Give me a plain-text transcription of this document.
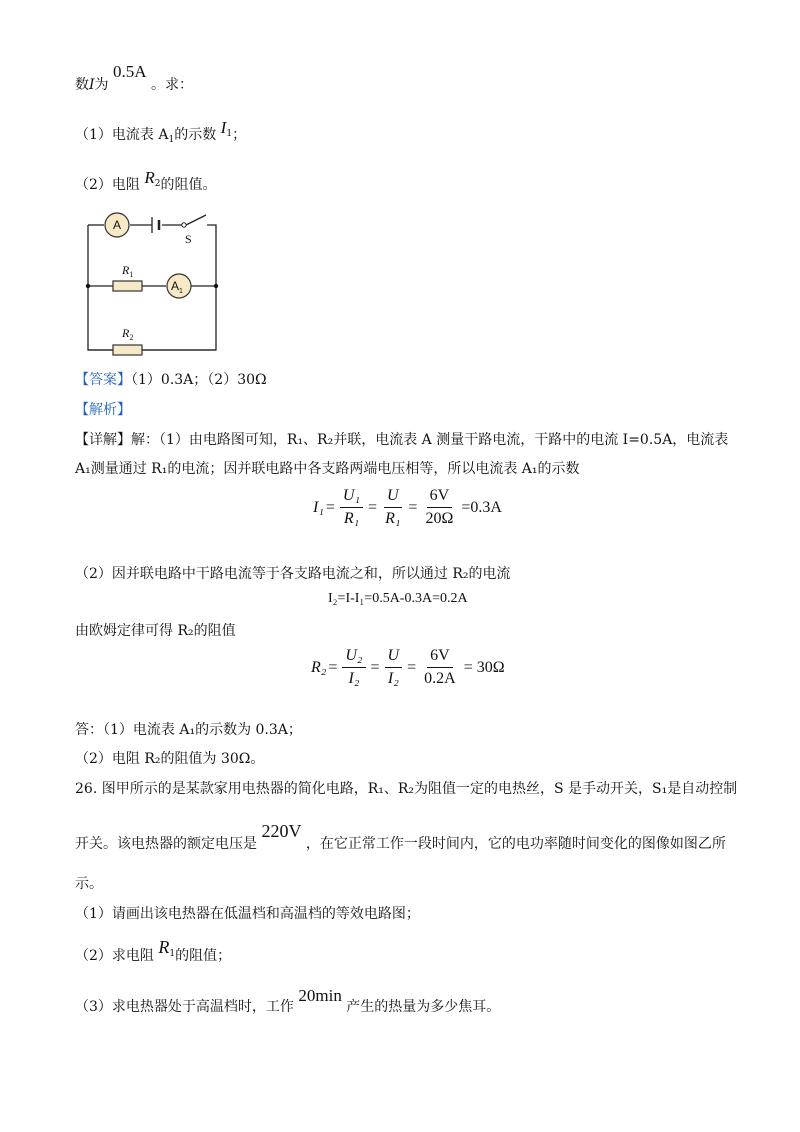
数I为 0.5A 。求：
（1）电流表 $A_1$的示数 $I^1$；
（2）电阻 $R^2$的阻值。
A
S
$R_1$
$A_1$
$R_2$
【答案】（1）0.3A；（2）30Ω
【解析】
【详解】解：（1）由电路图可知，R₁、R₂并联，电流表 A 测量干路电流，干路中的电流 I=0.5A，电流表
A₁测量通过 R₁的电流；因并联电路中各支路两端电压相等，所以电流表 A₁的示数
$I_1 = \frac{\text{U₁}}{\text{R₁}} = \frac{U}{\text{R₁}} = \frac{6V}{20\Omega} =0.3A$
（2）因并联电路中干路电流等于各支路电流之和，所以通过 R₂的电流
I₂=I-I₁=0.5A-0.3A=0.2A
由欧姆定律可得 R₂的阻值
$R_2 = \frac{\text{U₂}}{\text{I₂}} = \frac{U}{\text{I₂}} = \frac{6V}{0.2A} = 30\Omega$
答：（1）电流表 A₁的示数为 0.3A；
（2）电阻 R₂的阻值为 30Ω。
26. 图甲所示的是某款家用电热器的简化电路，R₁、R₂为阻值一定的电热丝，S 是手动开关，S₁是自动控制
开关。该电热器的额定电压是 220V ，在它正常工作一段时间内，它的电功率随时间变化的图像如图乙所
示。
（1）请画出该电热器在低温档和高温档的等效电路图；
（2）求电阻 $R^1$的阻值；
（3）求电热器处于高温档时，工作 20min 产生的热量为多少焦耳。
